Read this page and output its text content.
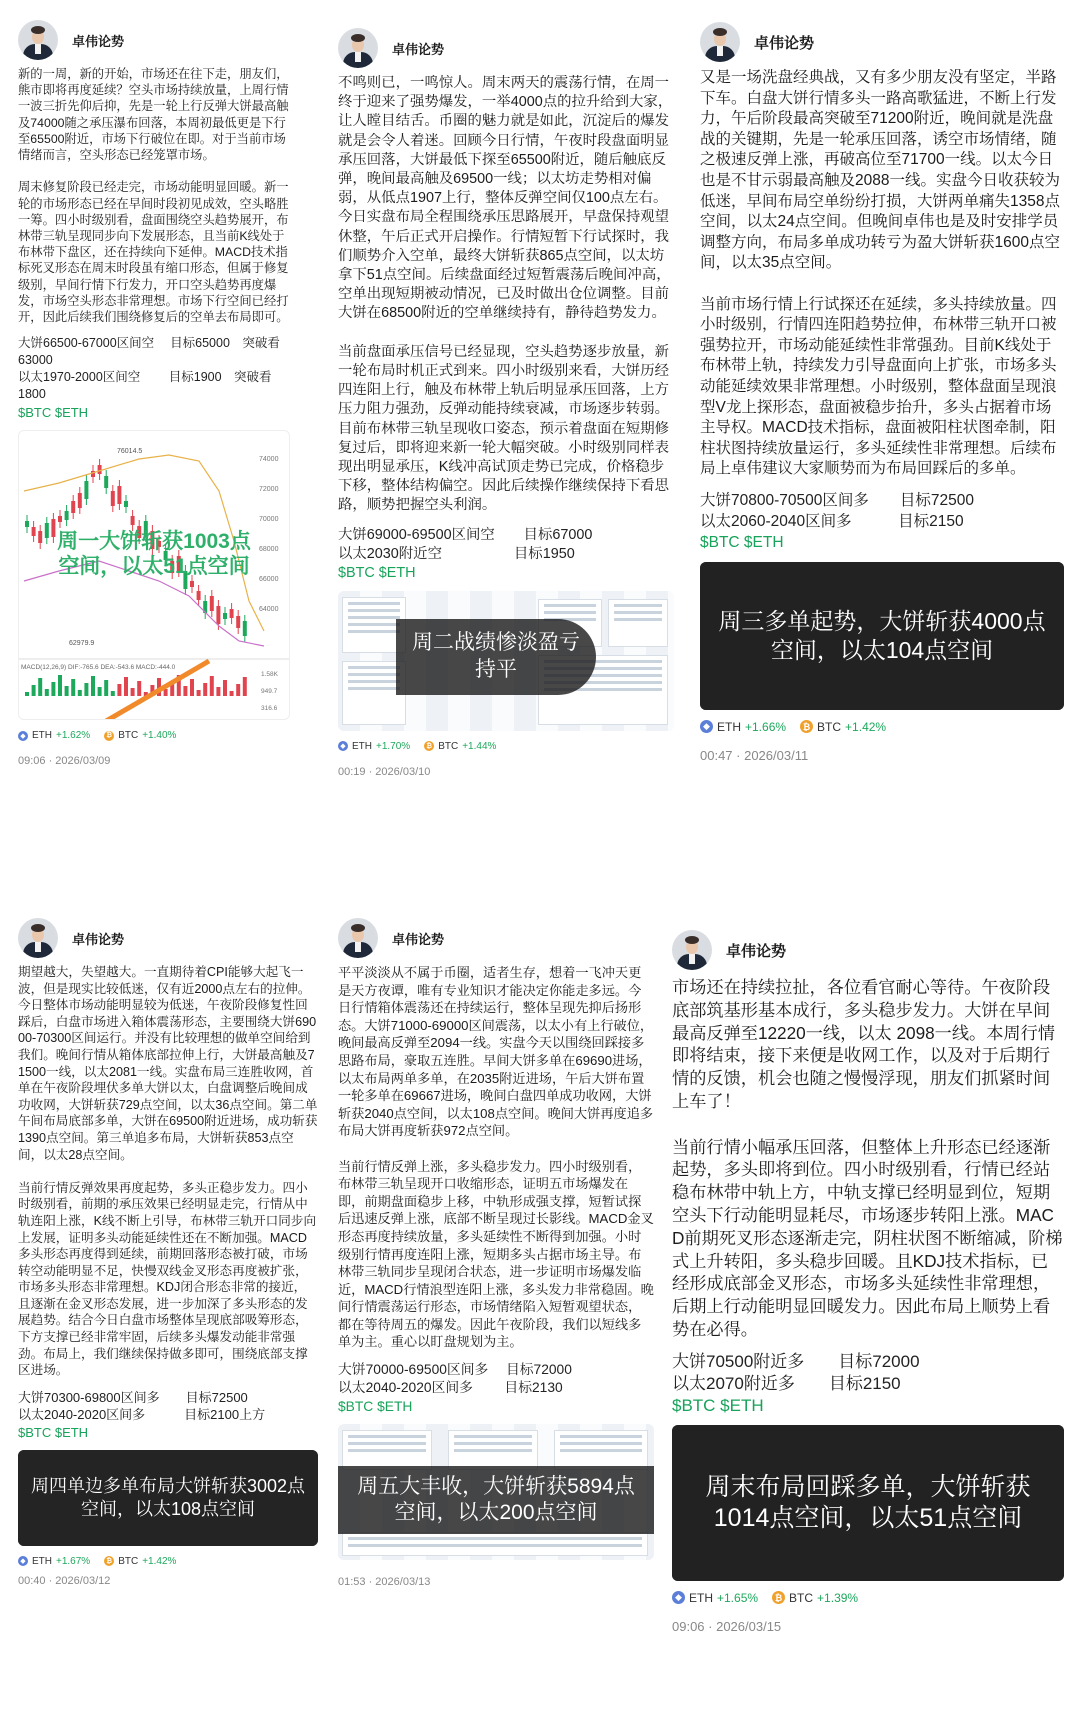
卓伟论势
新的一周，新的开始，市场还在往下走，朋友们，熊市即将再度延续？空头市场持续放量，上周行情一波三折先仰后抑，先是一轮上行反弹大饼最高触及74000随之承压瀑布回落，本周初最低更是下行至65500附近，市场下行破位在即。对于当前市场情绪而言，空头形态已经笼罩市场。

周末修复阶段已经走完，市场动能明显回暖。新一轮的市场形态已经在早间时段初见成效，空头略胜一筹。四小时级别看，盘面围绕空头趋势展开，布林带三轨呈现同步向下发展形态，且当前K线处于布林带下盘区，还在持续向下延伸。MACD技术指标死叉形态在周末时段虽有缩口形态，但属于修复级别，早间行情下行发力，开口空头趋势再度爆发，市场空头形态非常理想。市场下行空间已经打开，因此后续我们围绕修复后的空单去布局即可。
大饼66500-67000区间空　 目标65000　突破看63000
以太1970-2000区间空　　 目标1900　突破看1800
$BTC $ETH
76014.5
62979.9
74000
72000
70000
68000
66000
64000
MACD(12,26,9) DIF:-765.6 DEA:-543.6 MACD:-444.0
1.58K
949.7
316.6
周一大饼斩获1003点空间，以太51点空间
◆ ETH +1.62%	₿ BTC +1.40%
09:06 · 2026/03/09
卓伟论势
不鸣则已，一鸣惊人。周末两天的震荡行情，在周一终于迎来了强势爆发，一举4000点的拉升给到大家，让人瞠目结舌。币圈的魅力就是如此，沉淀后的爆发就是会令人着迷。回顾今日行情，午夜时段盘面明显承压回落，大饼最低下探至65500附近，随后触底反弹，晚间最高触及69500一线；以太坊走势相对偏弱，从低点1907上行，整体反弹空间仅100点左右。今日实盘布局全程围绕承压思路展开，早盘保持观望休整，午后正式开启操作。行情短暂下行试探时，我们顺势介入空单，最终大饼斩获865点空间，以太坊拿下51点空间。后续盘面经过短暂震荡后晚间冲高，空单出现短期被动情况，已及时做出仓位调整。目前大饼在68500附近的空单继续持有，静待趋势发力。

当前盘面承压信号已经显现，空头趋势逐步放量，新一轮布局时机正式到来。四小时级别来看，大饼历经四连阳上行，触及布林带上轨后明显承压回落，上方压力阻力强劲，反弹动能持续衰减，市场逐步转弱。目前布林带三轨呈现收口姿态，预示着盘面在短期修复过后，即将迎来新一轮大幅突破。小时级别同样表现出明显承压，K线冲高试顶走势已完成，价格稳步下移，整体结构偏空。因此后续操作继续保持下看思路，顺势把握空头利润。
大饼69000-69500区间空　　目标67000
以太2030附近空　　　　　目标1950
$BTC $ETH
周二战绩惨淡盈亏持平
◆ ETH +1.70%	₿ BTC +1.44%
00:19 · 2026/03/10
卓伟论势
又是一场洗盘经典战，又有多少朋友没有坚定，半路下车。白盘大饼行情多头一路高歌猛进，不断上行发力，午后阶段最高突破至71200附近，晚间就是洗盘战的关键期，先是一轮承压回落，诱空市场情绪，随之极速反弹上涨，再破高位至71700一线。以太今日也是不甘示弱最高触及2088一线。实盘今日收获较为低迷，早间布局空单纷纷打损，大饼两单痛失1358点空间，以太24点空间。但晚间卓伟也是及时安排学员调整方向，布局多单成功转亏为盈大饼斩获1600点空间，以太35点空间。

当前市场行情上行试探还在延续，多头持续放量。四小时级别，行情四连阳趋势拉伸，布林带三轨开口被强势拉开，市场动能延续性非常强劲。目前K线处于布林带上轨，持续发力引导盘面向上扩张，市场多头动能延续效果非常理想。小时级别，整体盘面呈现浪型V龙上探形态，盘面被稳步抬升，多头占据着市场主导权。MACD技术指标，盘面被阳柱状图牵制，阳柱状图持续放量运行，多头延续性非常理想。后续布局上卓伟建议大家顺势而为布局回踩后的多单。
大饼70800-70500区间多　　目标72500
以太2060-2040区间多　　　目标2150
$BTC $ETH
周三多单起势，大饼斩获4000点空间，以太104点空间
◆ ETH +1.66%	₿ BTC +1.42%
00:47 · 2026/03/11
卓伟论势
期望越大，失望越大。一直期待着CPI能够大起飞一波，但是现实比较低迷，仅有近2000点左右的拉伸。今日整体市场动能明显较为低迷，午夜阶段修复性回踩后，白盘市场进入箱体震荡形态，主要围绕大饼69000-70300区间运行。并没有比较理想的做单空间给到我们。晚间行情从箱体底部拉伸上行，大饼最高触及71500一线，以太2081一线。实盘布局三连胜收网，首单在午夜阶段埋伏多单大饼以太，白盘调整后晚间成功收网，大饼斩获729点空间，以太36点空间。第二单午间布局底部多单，大饼在69500附近进场，成功斩获1390点空间。第三单追多布局，大饼斩获853点空间，以太28点空间。

当前行情反弹效果再度起势，多头正稳步发力。四小时级别看，前期的承压效果已经明显走完，行情从中轨连阳上涨，K线不断上引导，布林带三轨开口同步向上发展，证明多头动能延续性还在不断加强。MACD多头形态再度得到延续，前期回落形态被打破，市场转空动能明显不足，快慢双线金叉形态再度被扩张，市场多头形态非常理想。KDJ闭合形态非常的接近，且逐渐在金叉形态发展，进一步加深了多头形态的发展趋势。结合今日白盘市场整体呈现底部吸筹形态，下方支撑已经非常牢固，后续多头爆发动能非常强劲。布局上，我们继续保持做多即可，围绕底部支撑区进场。
大饼70300-69800区间多　　目标72500
以太2040-2020区间多　　　目标2100上方
$BTC $ETH
周四单边多单布局大饼斩获3002点空间，以太108点空间
◆ ETH +1.67%	₿ BTC +1.42%
00:40 · 2026/03/12
卓伟论势
平平淡淡从不属于币圈，适者生存，想着一飞冲天更是天方夜谭，唯有专业知识才能决定你能走多远。今日行情箱体震荡还在持续运行，整体呈现先抑后扬形态。大饼71000-69000区间震荡，以太小有上行破位，晚间最高反弹至2094一线。实盘今天以围绕回踩接多思路布局，豪取五连胜。早间大饼多单在69690进场，以太布局两单多单，在2035附近进场，午后大饼布置一轮多单在69667进场，晚间白盘四单成功收网，大饼斩获2040点空间，以太108点空间。晚间大饼再度追多布局大饼再度斩获972点空间。

当前行情反弹上涨，多头稳步发力。四小时级别看，布林带三轨呈现开口收缩形态，证明五市场爆发在即，前期盘面稳步上移，中轨形成强支撑，短暂试探后迅速反弹上涨，底部不断呈现过长影线。MACD金叉形态再度持续放量，多头延续性不断得到加强。小时级别行情再度连阳上涨，短期多头占据市场主导。布林带三轨同步呈现闭合状态，进一步证明市场爆发临近，MACD行情浪型连阳上涨，多头发力非常稳固。晚间行情震荡运行形态，市场情绪陷入短暂观望状态，都在等待周五的爆发。因此午夜阶段，我们以短线多单为主。重心以盯盘规划为主。
大饼70000-69500区间多　 目标72000
以太2040-2020区间多　　 目标2130
$BTC $ETH
周五大丰收，大饼斩获5894点空间，以太200点空间
01:53 · 2026/03/13
卓伟论势
市场还在持续拉扯，各位看官耐心等待。午夜阶段底部筑基形基本成行，多头稳步发力。大饼在早间最高反弹至12220一线，以太 2098一线。本周行情即将结束，接下来便是收网工作，以及对于后期行情的反馈，机会也随之慢慢浮现，朋友们抓紧时间上车了！

当前行情小幅承压回落，但整体上升形态已经逐渐起势，多头即将到位。四小时级别看，行情已经站稳布林带中轨上方，中轨支撑已经明显到位，短期空头下行动能明显耗尽，市场逐步转阳上涨。MACD前期死叉形态逐渐走完，阴柱状图不断缩减，阶梯式上升转阳，多头稳步回暖。且KDJ技术指标，已经形成底部金叉形态，市场多头延续性非常理想，后期上行动能明显回暖发力。因此布局上顺势上看势在必得。
大饼70500附近多　　目标72000
以太2070附近多　　目标2150
$BTC $ETH
周末布局回踩多单，大饼斩获1014点空间，以太51点空间
◆ ETH +1.65%	₿ BTC +1.39%
09:06 · 2026/03/15
